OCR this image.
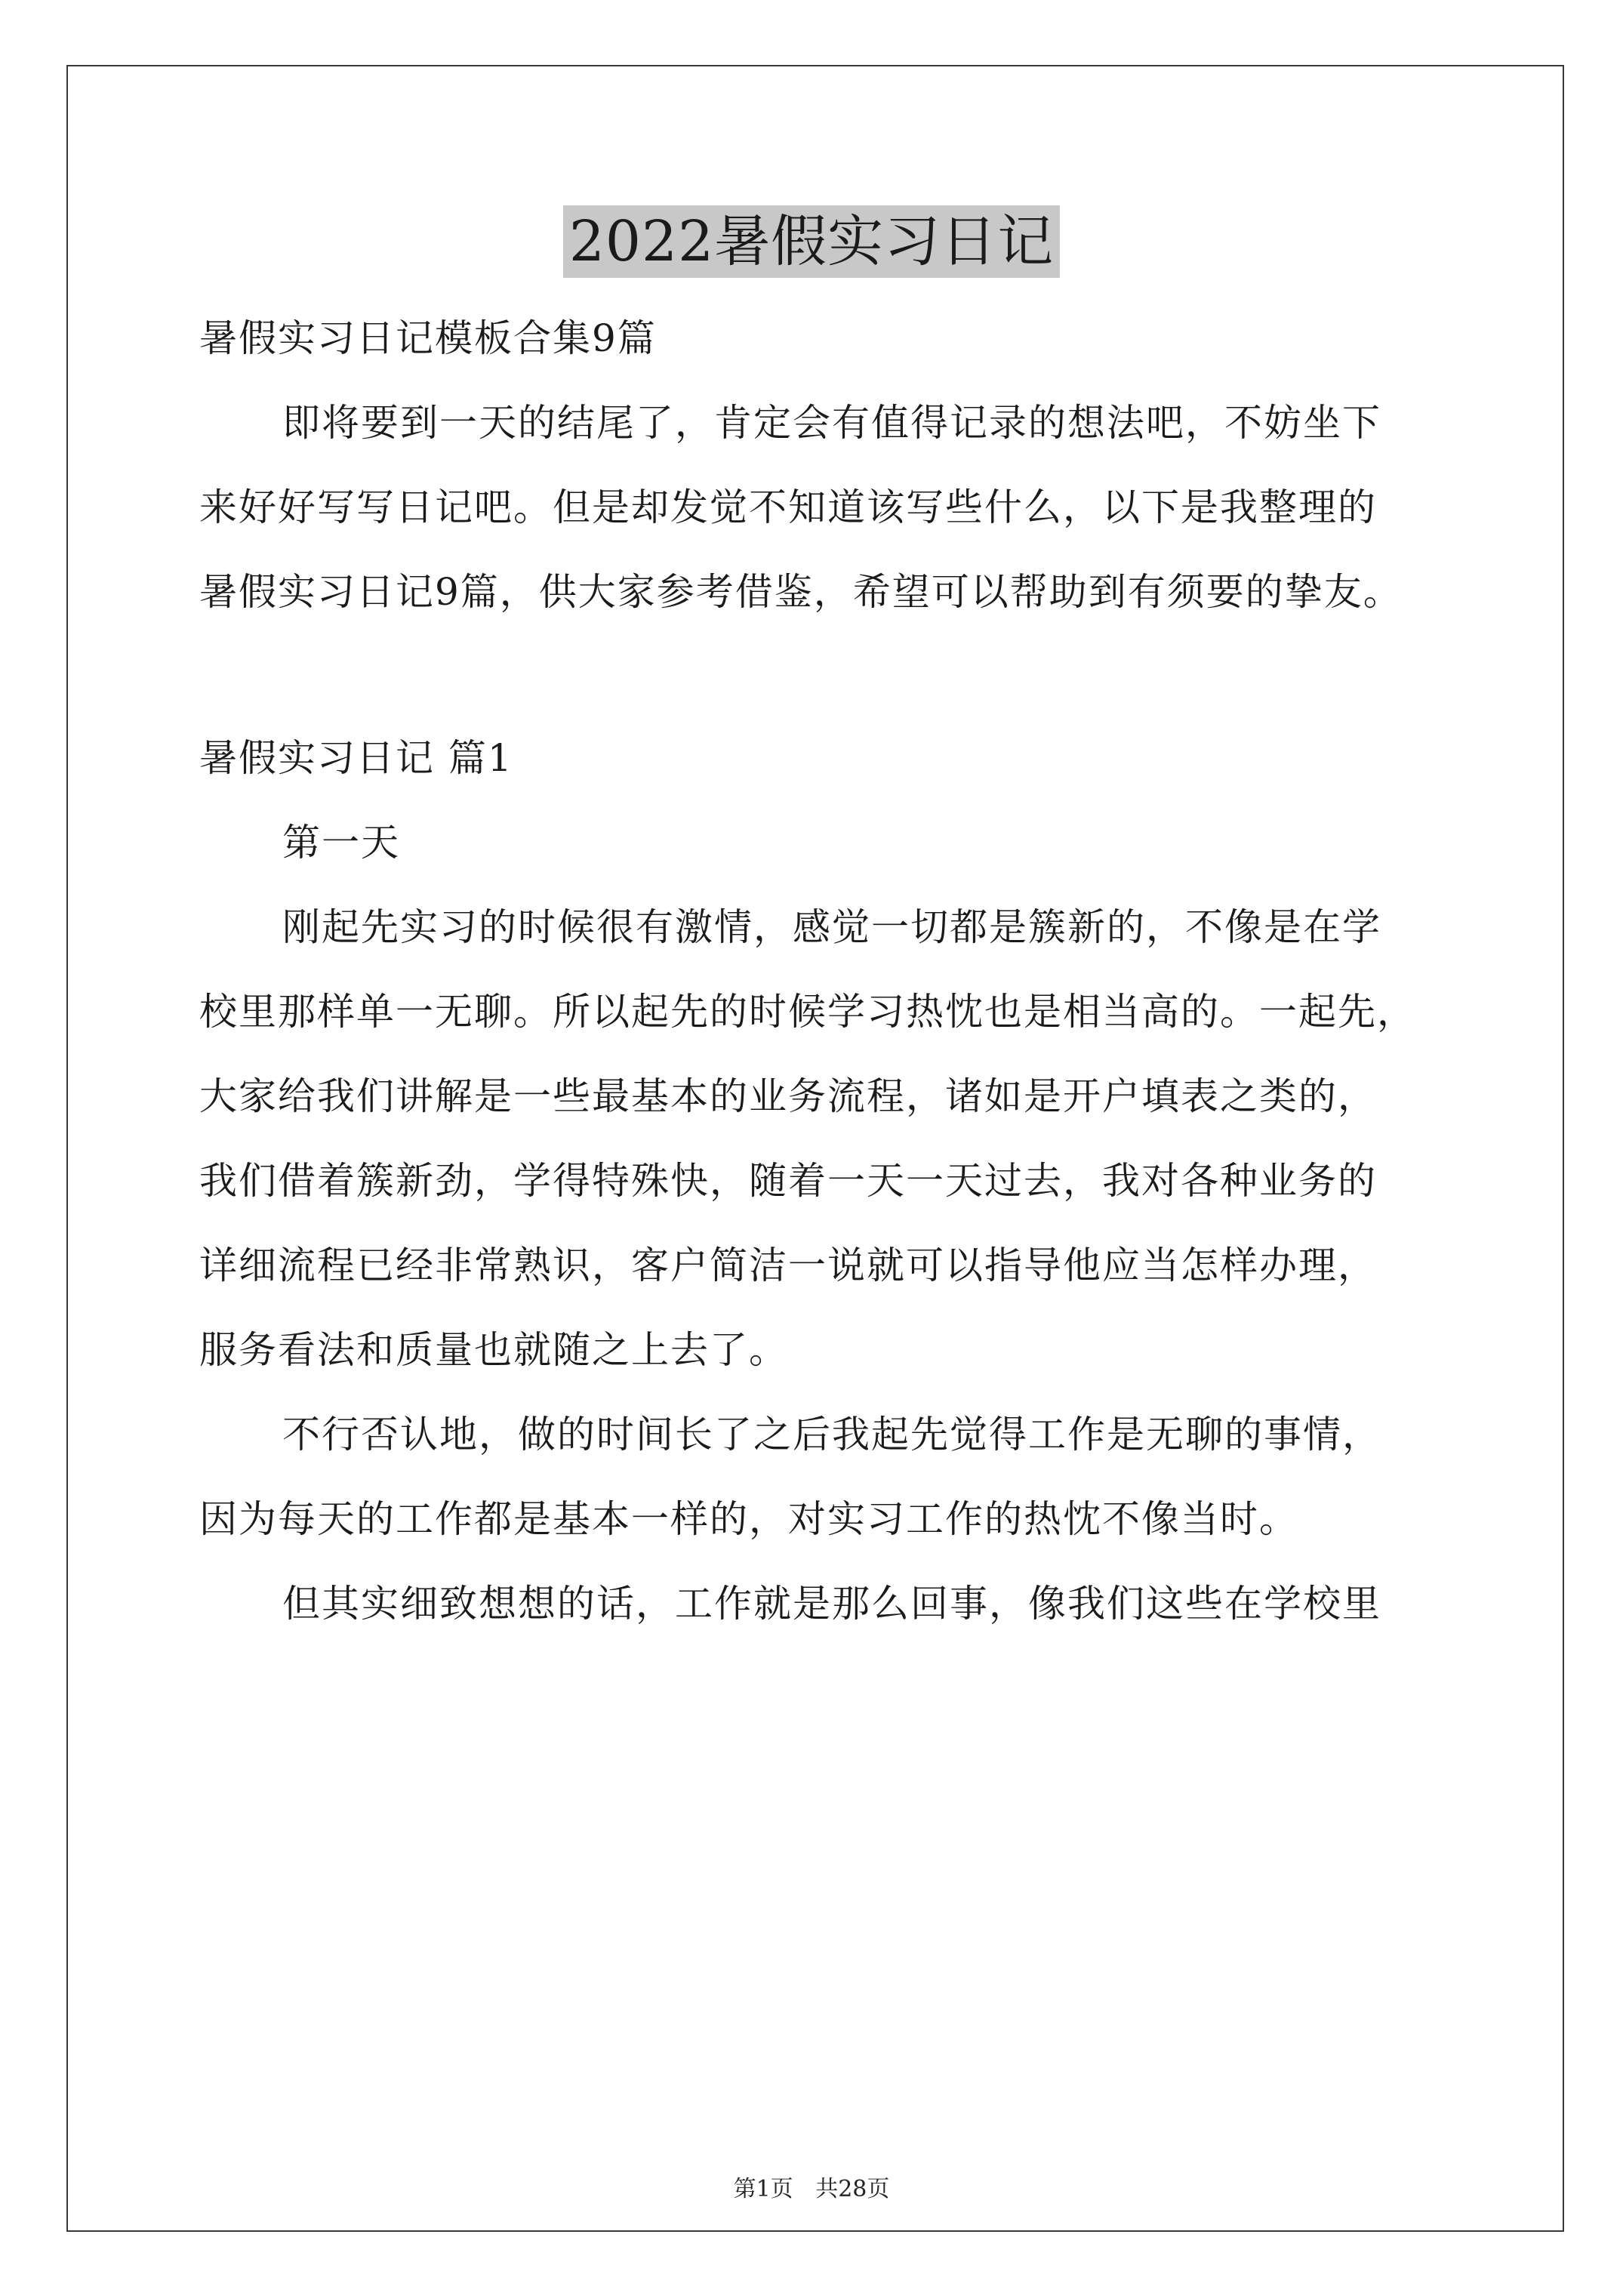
2022暑假实习日记

暑假实习日记模板合集9篇

即将要到一天的结尾了，肯定会有值得记录的想法吧，不妨坐下

来好好写写日记吧。但是却发觉不知道该写些什么，以下是我整理的

暑假实习日记9篇，供大家参考借鉴，希望可以帮助到有须要的挚友。

暑假实习日记 篇1

第一天

刚起先实习的时候很有激情，感觉一切都是簇新的，不像是在学

校里那样单一无聊。所以起先的时候学习热忱也是相当高的。一起先，

大家给我们讲解是一些最基本的业务流程，诸如是开户填表之类的，

我们借着簇新劲，学得特殊快，随着一天一天过去，我对各种业务的

详细流程已经非常熟识，客户简洁一说就可以指导他应当怎样办理，

服务看法和质量也就随之上去了。

不行否认地，做的时间长了之后我起先觉得工作是无聊的事情，

因为每天的工作都是基本一样的，对实习工作的热忱不像当时。

但其实细致想想的话，工作就是那么回事，像我们这些在学校里

第1页 共28页
